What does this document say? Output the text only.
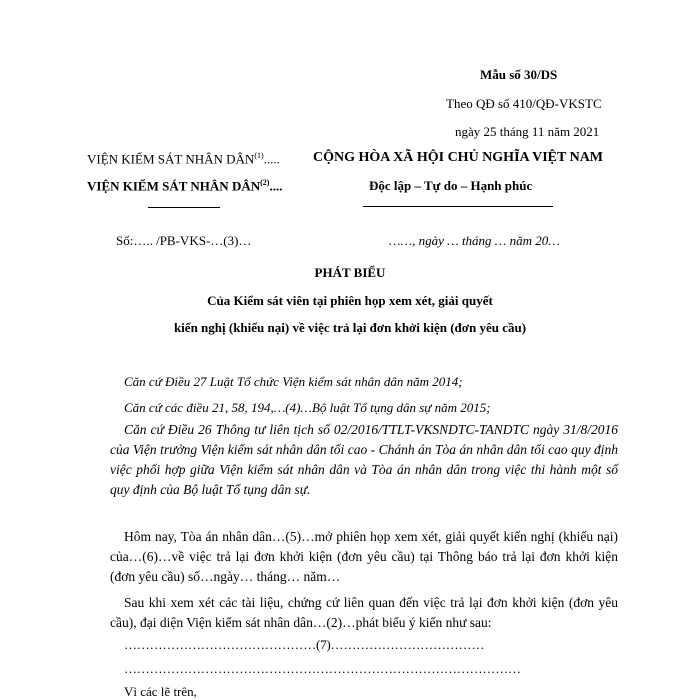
Mẫu số 30/DS
Theo QĐ số 410/QĐ-VKSTC
ngày 25 tháng 11 năm 2021
VIỆN KIỂM SÁT NHÂN DÂN$^{(1)}$.....
VIỆN KIỂM SÁT NHÂN DÂN$^{(2)}$....
Số:….. /PB-VKS-…(3)…
CỘNG HÒA XÃ HỘI CHỦ NGHĨA VIỆT NAM
Độc lập – Tự do – Hạnh phúc
……, ngày … tháng … năm 20…
PHÁT BIỂU
Của Kiểm sát viên tại phiên họp xem xét, giải quyết
kiến nghị (khiếu nại) về việc trả lại đơn khởi kiện (đơn yêu cầu)
Căn cứ Điều 27 Luật Tổ chức Viện kiểm sát nhân dân năm 2014;
Căn cứ các điều 21, 58, 194,…(4)…Bộ luật Tố tụng dân sự năm 2015;
Căn cứ Điều 26 Thông tư liên tịch số 02/2016/TTLT-VKSNDTC-TANDTC ngày 31/8/2016 của Viện trưởng Viện kiểm sát nhân dân tối cao - Chánh án Tòa án nhân dân tối cao quy định việc phối hợp giữa Viện kiểm sát nhân dân và Tòa án nhân dân trong việc thi hành một số quy định của Bộ luật Tố tụng dân sự.
Hôm nay, Tòa án nhân dân…(5)…mở phiên họp xem xét, giải quyết kiến nghị (khiếu nại) của…(6)…về việc trả lại đơn khởi kiện (đơn yêu cầu) tại Thông báo trả lại đơn khởi kiện (đơn yêu cầu) số…ngày… tháng… năm…
Sau khi xem xét các tài liệu, chứng cứ liên quan đến việc trả lại đơn khởi kiện (đơn yêu cầu), đại diện Viện kiểm sát nhân dân…(2)…phát biểu ý kiến như sau:
………………………………………(7)………………………………
…………………………………………………………………………………
Vì các lẽ trên,
